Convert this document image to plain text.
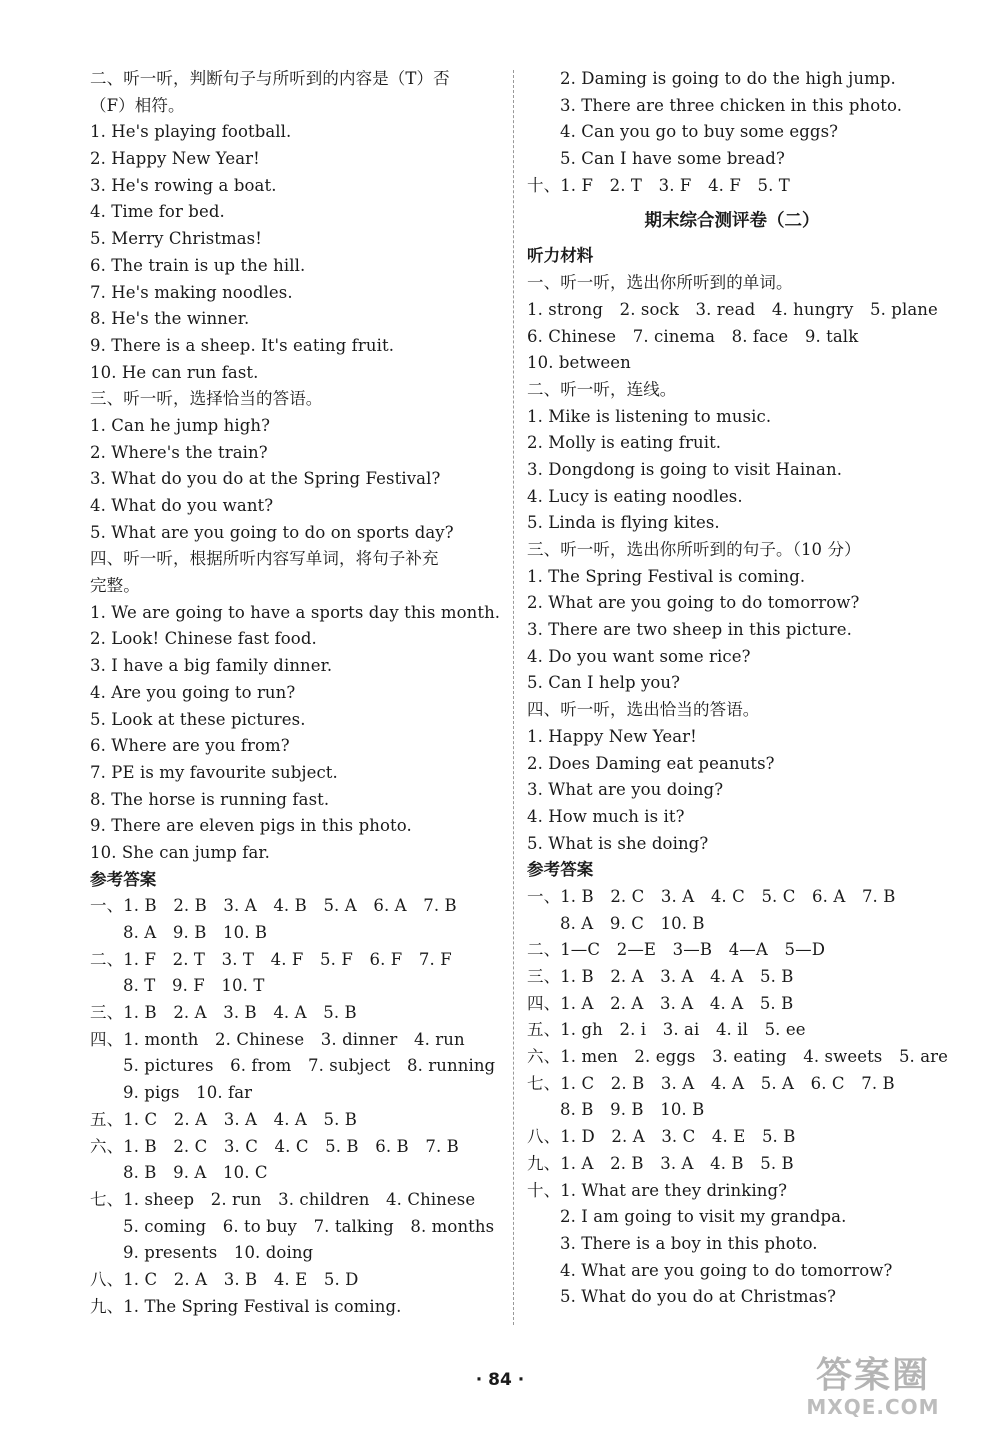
二、听一听，判断句子与所听到的内容是（T）否
（F）相符。
1. He's playing football.
2. Happy New Year!
3. He's rowing a boat.
4. Time for bed.
5. Merry Christmas!
6. The train is up the hill.
7. He's making noodles.
8. He's the winner.
9. There is a sheep. It's eating fruit.
10. He can run fast.
三、听一听，选择恰当的答语。
1. Can he jump high?
2. Where's the train?
3. What do you do at the Spring Festival?
4. What do you want?
5. What are you going to do on sports day?
四、听一听，根据所听内容写单词，将句子补充
完整。
1. We are going to have a sports day this month.
2. Look! Chinese fast food.
3. I have a big family dinner.
4. Are you going to run?
5. Look at these pictures.
6. Where are you from?
7. PE is my favourite subject.
8. The horse is running fast.
9. There are eleven pigs in this photo.
10. She can jump far.
参考答案
一、1. B　2. B　3. A　4. B　5. A　6. A　7. B
8. A　9. B　10. B
二、1. F　2. T　3. T　4. F　5. F　6. F　7. F
8. T　9. F　10. T
三、1. B　2. A　3. B　4. A　5. B
四、1. month　2. Chinese　3. dinner　4. run
5. pictures　6. from　7. subject　8. running
9. pigs　10. far
五、1. C　2. A　3. A　4. A　5. B
六、1. B　2. C　3. C　4. C　5. B　6. B　7. B
8. B　9. A　10. C
七、1. sheep　2. run　3. children　4. Chinese
5. coming　6. to buy　7. talking　8. months
9. presents　10. doing
八、1. C　2. A　3. B　4. E　5. D
九、1. The Spring Festival is coming.
2. Daming is going to do the high jump.
3. There are three chicken in this photo.
4. Can you go to buy some eggs?
5. Can I have some bread?
十、1. F　2. T　3. F　4. F　5. T
期末综合测评卷（二）
听力材料
一、听一听，选出你所听到的单词。
1. strong　2. sock　3. read　4. hungry　5. plane
6. Chinese　7. cinema　8. face　9. talk
10. between
二、听一听，连线。
1. Mike is listening to music.
2. Molly is eating fruit.
3. Dongdong is going to visit Hainan.
4. Lucy is eating noodles.
5. Linda is flying kites.
三、听一听，选出你所听到的句子。（10 分）
1. The Spring Festival is coming.
2. What are you going to do tomorrow?
3. There are two sheep in this picture.
4. Do you want some rice?
5. Can I help you?
四、听一听，选出恰当的答语。
1. Happy New Year!
2. Does Daming eat peanuts?
3. What are you doing?
4. How much is it?
5. What is she doing?
参考答案
一、1. B　2. C　3. A　4. C　5. C　6. A　7. B
8. A　9. C　10. B
二、1—C　2—E　3—B　4—A　5—D
三、1. B　2. A　3. A　4. A　5. B
四、1. A　2. A　3. A　4. A　5. B
五、1. gh　2. i　3. ai　4. il　5. ee
六、1. men　2. eggs　3. eating　4. sweets　5. are
七、1. C　2. B　3. A　4. A　5. A　6. C　7. B
8. B　9. B　10. B
八、1. D　2. A　3. C　4. E　5. B
九、1. A　2. B　3. A　4. B　5. B
十、1. What are they drinking?
2. I am going to visit my grandpa.
3. There is a boy in this photo.
4. What are you going to do tomorrow?
5. What do you do at Christmas?
· 84 ·	答案圈
MXQE.COM
